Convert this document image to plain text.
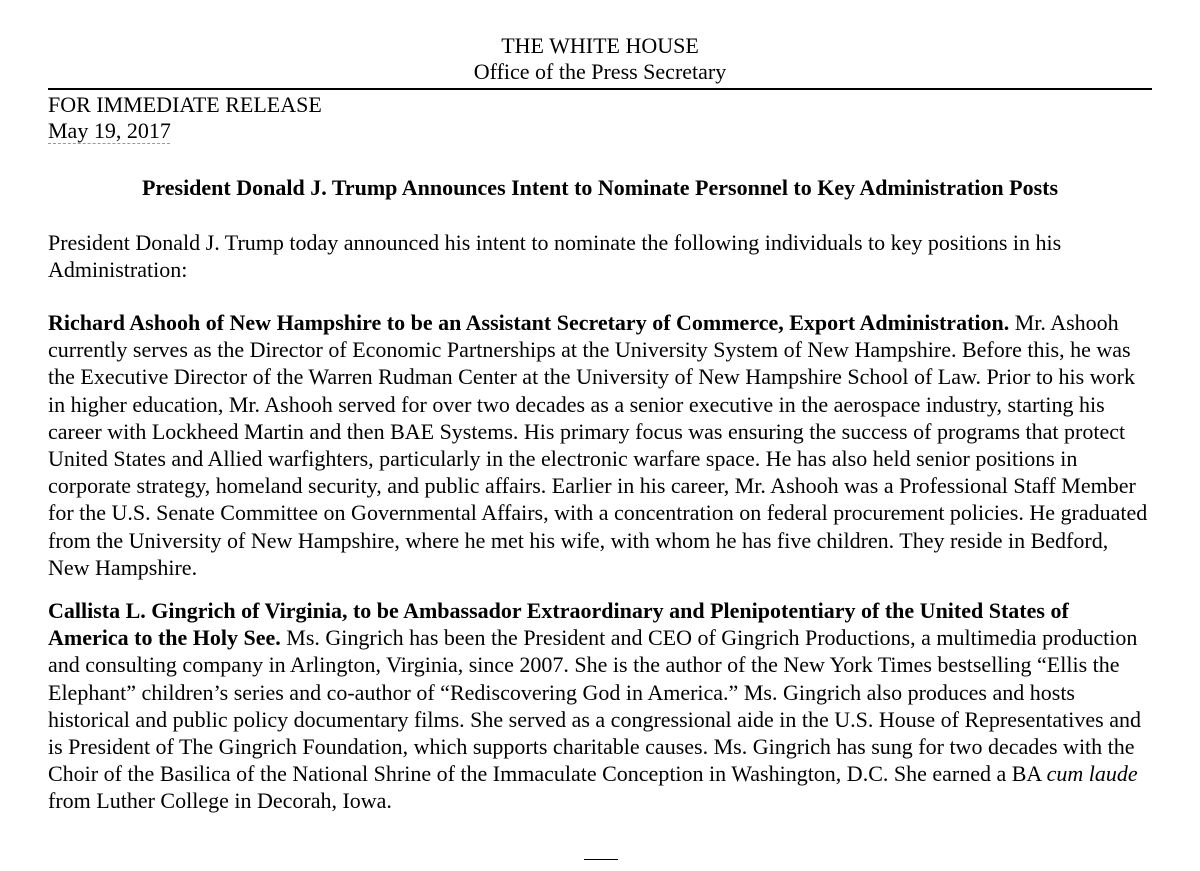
THE WHITE HOUSE
Office of the Press Secretary
FOR IMMEDIATE RELEASE
May 19, 2017
President Donald J. Trump Announces Intent to Nominate Personnel to Key Administration Posts

President Donald J. Trump today announced his intent to nominate the following individuals to key positions in his Administration:

Richard Ashooh of New Hampshire to be an Assistant Secretary of Commerce, Export Administration. Mr. Ashooh currently serves as the Director of Economic Partnerships at the University System of New Hampshire. Before this, he was the Executive Director of the Warren Rudman Center at the University of New Hampshire School of Law. Prior to his work in higher education, Mr. Ashooh served for over two decades as a senior executive in the aerospace industry, starting his career with Lockheed Martin and then BAE Systems. His primary focus was ensuring the success of programs that protect United States and Allied warfighters, particularly in the electronic warfare space. He has also held senior positions in corporate strategy, homeland security, and public affairs. Earlier in his career, Mr. Ashooh was a Professional Staff Member for the U.S. Senate Committee on Governmental Affairs, with a concentration on federal procurement policies. He graduated from the University of New Hampshire, where he met his wife, with whom he has five children. They reside in Bedford, New Hampshire.

Callista L. Gingrich of Virginia, to be Ambassador Extraordinary and Plenipotentiary of the United States of America to the Holy See. Ms. Gingrich has been the President and CEO of Gingrich Productions, a multimedia production and consulting company in Arlington, Virginia, since 2007. She is the author of the New York Times bestselling “Ellis the Elephant” children’s series and co-author of “Rediscovering God in America.” Ms. Gingrich also produces and hosts historical and public policy documentary films. She served as a congressional aide in the U.S. House of Representatives and is President of The Gingrich Foundation, which supports charitable causes. Ms. Gingrich has sung for two decades with the Choir of the Basilica of the National Shrine of the Immaculate Conception in Washington, D.C. She earned a BA cum laude from Luther College in Decorah, Iowa.
